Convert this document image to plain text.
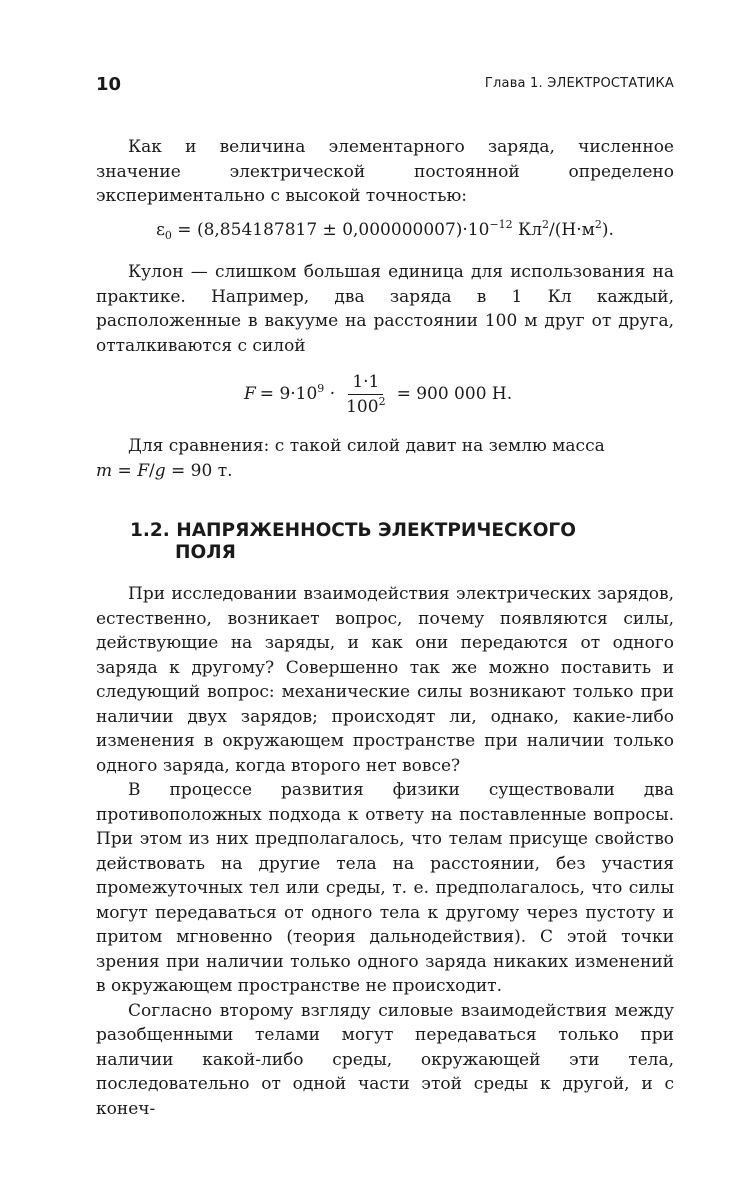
10	Глава 1. ЭЛЕКТРОСТАТИКА

Как и величина элементарного заряда, численное значение электрической постоянной определено экспериментально с высокой точностью:

$\varepsilon_0 = (8,854187817 \pm 0,000000007)\cdot 10^{-12}$ $Кл^2/(Н\cdot м^2)$.

Кулон — слишком большая единица для использования на практике. Например, два заряда в 1 Кл каждый, расположенные в вакууме на расстоянии 100 м друг от друга, отталкиваются с силой

$F = 9\cdot 10^9 \cdot \frac{1\cdot 1}{100^2} = 900$ 000 Н.

Для сравнения: с такой силой давит на землю масса

m = F/g = 90 т.

1.2. НАПРЯЖЕННОСТЬ ЭЛЕКТРИЧЕСКОГО
ПОЛЯ

При исследовании взаимодействия электрических зарядов, естественно, возникает вопрос, почему появляются силы, действующие на заряды, и как они передаются от одного заряда к другому? Совершенно так же можно поставить и следующий вопрос: механические силы возникают только при наличии двух зарядов; происходят ли, однако, какие-либо изменения в окружающем пространстве при наличии только одного заряда, когда второго нет вовсе?

В процессе развития физики существовали два противоположных подхода к ответу на поставленные вопросы. При этом из них предполагалось, что телам присуще свойство действовать на другие тела на расстоянии, без участия промежуточных тел или среды, т. е. предполагалось, что силы могут передаваться от одного тела к другому через пустоту и притом мгновенно (теория дальнодействия). С этой точки зрения при наличии только одного заряда никаких изменений в окружающем пространстве не происходит.

Согласно второму взгляду силовые взаимодействия между разобщенными телами могут передаваться только при наличии какой-либо среды, окружающей эти тела, последовательно от одной части этой среды к другой, и с конеч-
